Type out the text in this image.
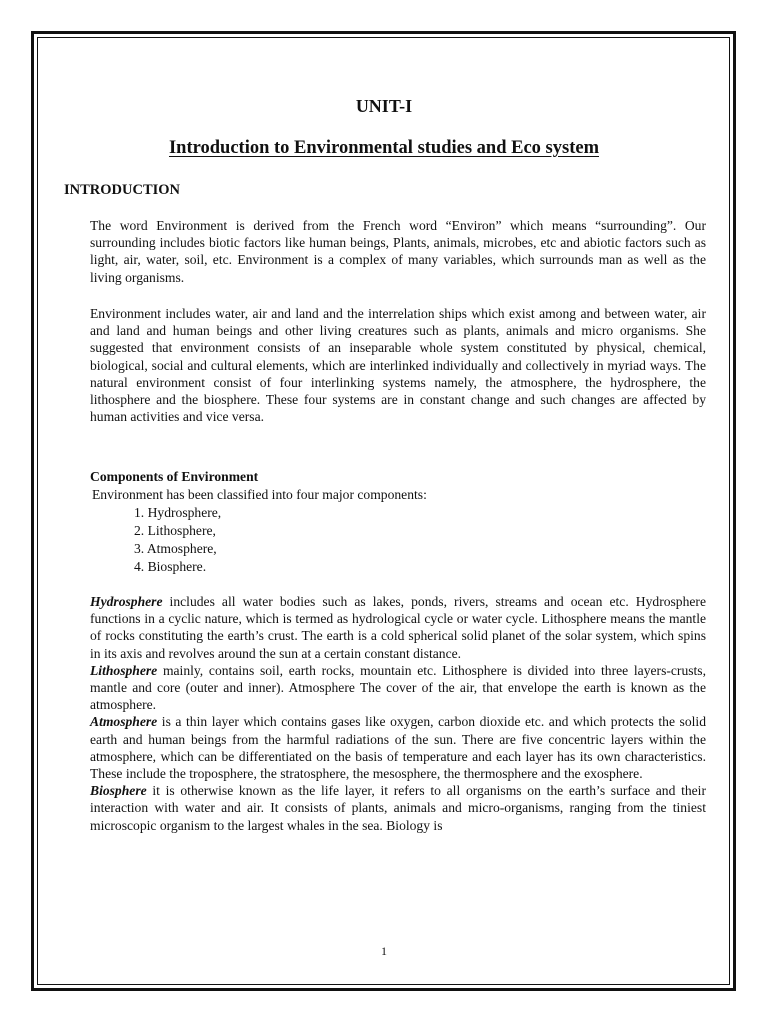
UNIT-I
Introduction to Environmental studies and Eco system
INTRODUCTION

The word Environment is derived from the French word “Environ” which means “surrounding”. Our surrounding includes biotic factors like human beings, Plants, animals, microbes, etc and abiotic factors such as light, air, water, soil, etc. Environment is a complex of many variables, which surrounds man as well as the living organisms.

Environment includes water, air and land and the interrelation ships which exist among and between water, air and land and human beings and other living creatures such as plants, animals and micro organisms. She suggested that environment consists of an inseparable whole system constituted by physical, chemical, biological, social and cultural elements, which are interlinked individually and collectively in myriad ways. The natural environment consist of four interlinking systems namely, the atmosphere, the hydrosphere, the lithosphere and the biosphere. These four systems are in constant change and such changes are affected by human activities and vice versa.

Components of Environment
Environment has been classified into four major components:
1. Hydrosphere,
2. Lithosphere,
3. Atmosphere,
4. Biosphere.
Hydrosphere includes all water bodies such as lakes, ponds, rivers, streams and ocean etc. Hydrosphere functions in a cyclic nature, which is termed as hydrological cycle or water cycle. Lithosphere means the mantle of rocks constituting the earth’s crust. The earth is a cold spherical solid planet of the solar system, which spins in its axis and revolves around the sun at a certain constant distance.
Lithosphere mainly, contains soil, earth rocks, mountain etc. Lithosphere is divided into three layers-crusts, mantle and core (outer and inner). Atmosphere The cover of the air, that envelope the earth is known as the atmosphere.
Atmosphere is a thin layer which contains gases like oxygen, carbon dioxide etc. and which protects the solid earth and human beings from the harmful radiations of the sun. There are five concentric layers within the atmosphere, which can be differentiated on the basis of temperature and each layer has its own characteristics. These include the troposphere, the stratosphere, the mesosphere, the thermosphere and the exosphere.
Biosphere it is otherwise known as the life layer, it refers to all organisms on the earth’s surface and their interaction with water and air. It consists of plants, animals and micro-organisms, ranging from the tiniest microscopic organism to the largest whales in the sea. Biology is
1
